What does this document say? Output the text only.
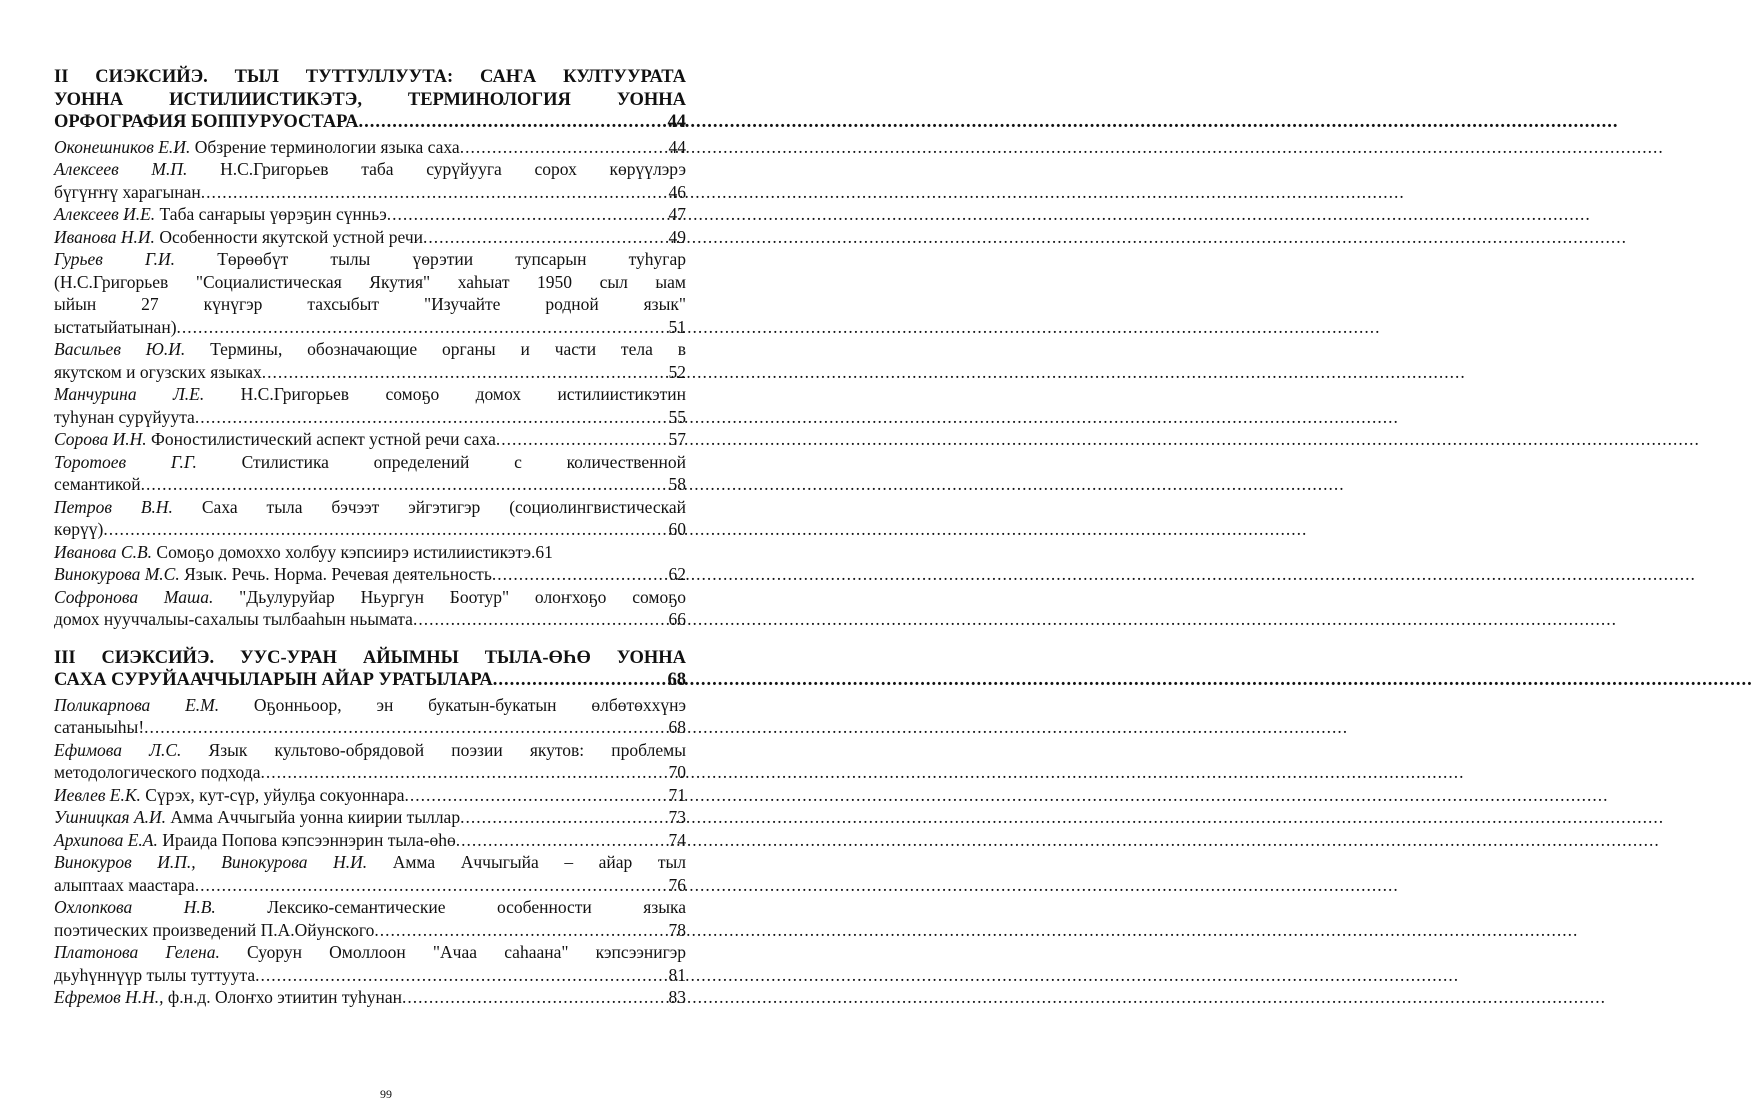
II СИЭКСИЙЭ. ТЫЛ ТУТТУЛЛУУТА: САҤА КУЛТУУРАТА
УОННА ИСТИЛИИСТИКЭТЭ, ТЕРМИНОЛОГИЯ УОННА
ОРФОГРАФИЯ БОППУРУОСТАРА .....	44
Оконешников Е.И. Обзрение терминологии языка саха .....	44
Алексеев М.П. Н.С.Григорьев таба сурүйууга сорох көрүүлэрэ
бүгүҥҥү харагынан .....	46
Алексеев И.Е. Таба саҥарыы үөрэҕин сүнньэ .....	47
Иванова Н.И. Особенности якутской устной речи .....	49
Гурьев Г.И. Төрөөбүт тылы үөрэтии тупсарын туһугар
(Н.С.Григорьев "Социалистическая Якутия" хаһыат 1950 сыл ыам
ыйын 27 күнүгэр тахсыбыт "Изучайте родной язык"
ыстатыйатынан) .....	51
Васильев Ю.И. Термины, обозначающие органы и части тела в
якутском и огузских языках .....	52
Манчурина Л.Е. Н.С.Григорьев сомоҕо домох истилиистикэтин
туһунан сурүйуута .....	55
Сорова И.Н. Фоностилистический аспект устной речи саха .....	57
Торотоев Г.Г. Стилистика определений с количественной
семантикой .....	58
Петров В.Н. Саха тыла бэчээт эйгэтигэр (социолингвистическай
көрүү) .....	60
Иванова С.В. Сомоҕо домоххо холбуу кэпсиирэ истилиистикэтэ. 61
Винокурова М.С. Язык. Речь. Норма. Речевая деятельность .....	62
Софронова Маша. "Дьулуруйар Ньургун Боотур" олоҥхоҕо сомоҕо
домох нууччалыы-сахалыы тылбааһын ньымата .....	66
III СИЭКСИЙЭ. УУС-УРАН АЙЫМНЫ ТЫЛА-ӨҺӨ УОННА
САХА СУРУЙААЧЧЫЛАРЫН АЙАР УРАТЫЛАРА .....	68
Поликарпова Е.М. Оҕонньоор, эн букатын-букатын өлбөтөххүнэ
сатаныыһы! .....	68
Ефимова Л.С. Язык культово-обрядовой поэзии якутов: проблемы
методологического подхода .....	70
Иевлев Е.К. Сүрэх, кут-сүр, уйулҕа сокуоннара .....	71
Ушницкая А.И. Амма Аччыгыйа уонна киирии тыллар .....	73
Архипова Е.А. Ираида Попова кэпсээннэрин тыла-өһө .....	74
Винокуров И.П., Винокурова Н.И. Амма Аччыгыйа – айар тыл
алыптаах маастара .....	76
Охлопкова Н.В. Лексико-семантические особенности языка
поэтических произведений П.А.Ойунского .....	78
Платонова Гелена. Суорун Омоллоон "Ачаа саһаана" кэпсээнигэр
дьуһүннүүр тылы туттуута .....	81
Ефремов Н.Н., ф.н.д. Олоҥхо этиитин туһунан .....	83
99
